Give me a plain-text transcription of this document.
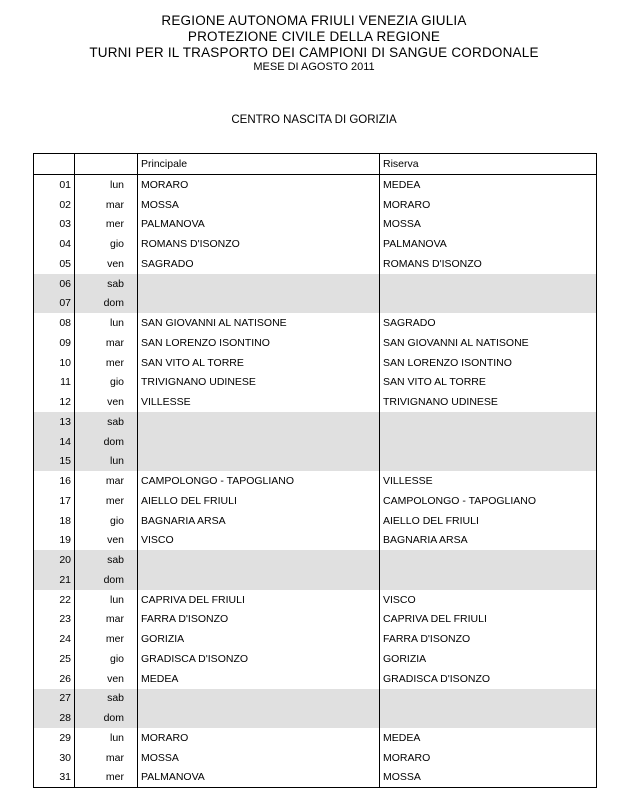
REGIONE AUTONOMA FRIULI VENEZIA GIULIA
PROTEZIONE CIVILE DELLA REGIONE
TURNI PER IL TRASPORTO DEI CAMPIONI DI SANGUE CORDONALE
MESE DI AGOSTO 2011
CENTRO NASCITA DI GORIZIA
		Principale	Riserva
01	lun	MORARO	MEDEA
02	mar	MOSSA	MORARO
03	mer	PALMANOVA	MOSSA
04	gio	ROMANS D'ISONZO	PALMANOVA
05	ven	SAGRADO	ROMANS D'ISONZO
06	sab		
07	dom		
08	lun	SAN GIOVANNI AL NATISONE	SAGRADO
09	mar	SAN LORENZO ISONTINO	SAN GIOVANNI AL NATISONE
10	mer	SAN VITO AL TORRE	SAN LORENZO ISONTINO
11	gio	TRIVIGNANO UDINESE	SAN VITO AL TORRE
12	ven	VILLESSE	TRIVIGNANO UDINESE
13	sab		
14	dom		
15	lun		
16	mar	CAMPOLONGO - TAPOGLIANO	VILLESSE
17	mer	AIELLO DEL FRIULI	CAMPOLONGO - TAPOGLIANO
18	gio	BAGNARIA ARSA	AIELLO DEL FRIULI
19	ven	VISCO	BAGNARIA ARSA
20	sab		
21	dom		
22	lun	CAPRIVA DEL FRIULI	VISCO
23	mar	FARRA D'ISONZO	CAPRIVA DEL FRIULI
24	mer	GORIZIA	FARRA D'ISONZO
25	gio	GRADISCA D'ISONZO	GORIZIA
26	ven	MEDEA	GRADISCA D'ISONZO
27	sab		
28	dom		
29	lun	MORARO	MEDEA
30	mar	MOSSA	MORARO
31	mer	PALMANOVA	MOSSA
